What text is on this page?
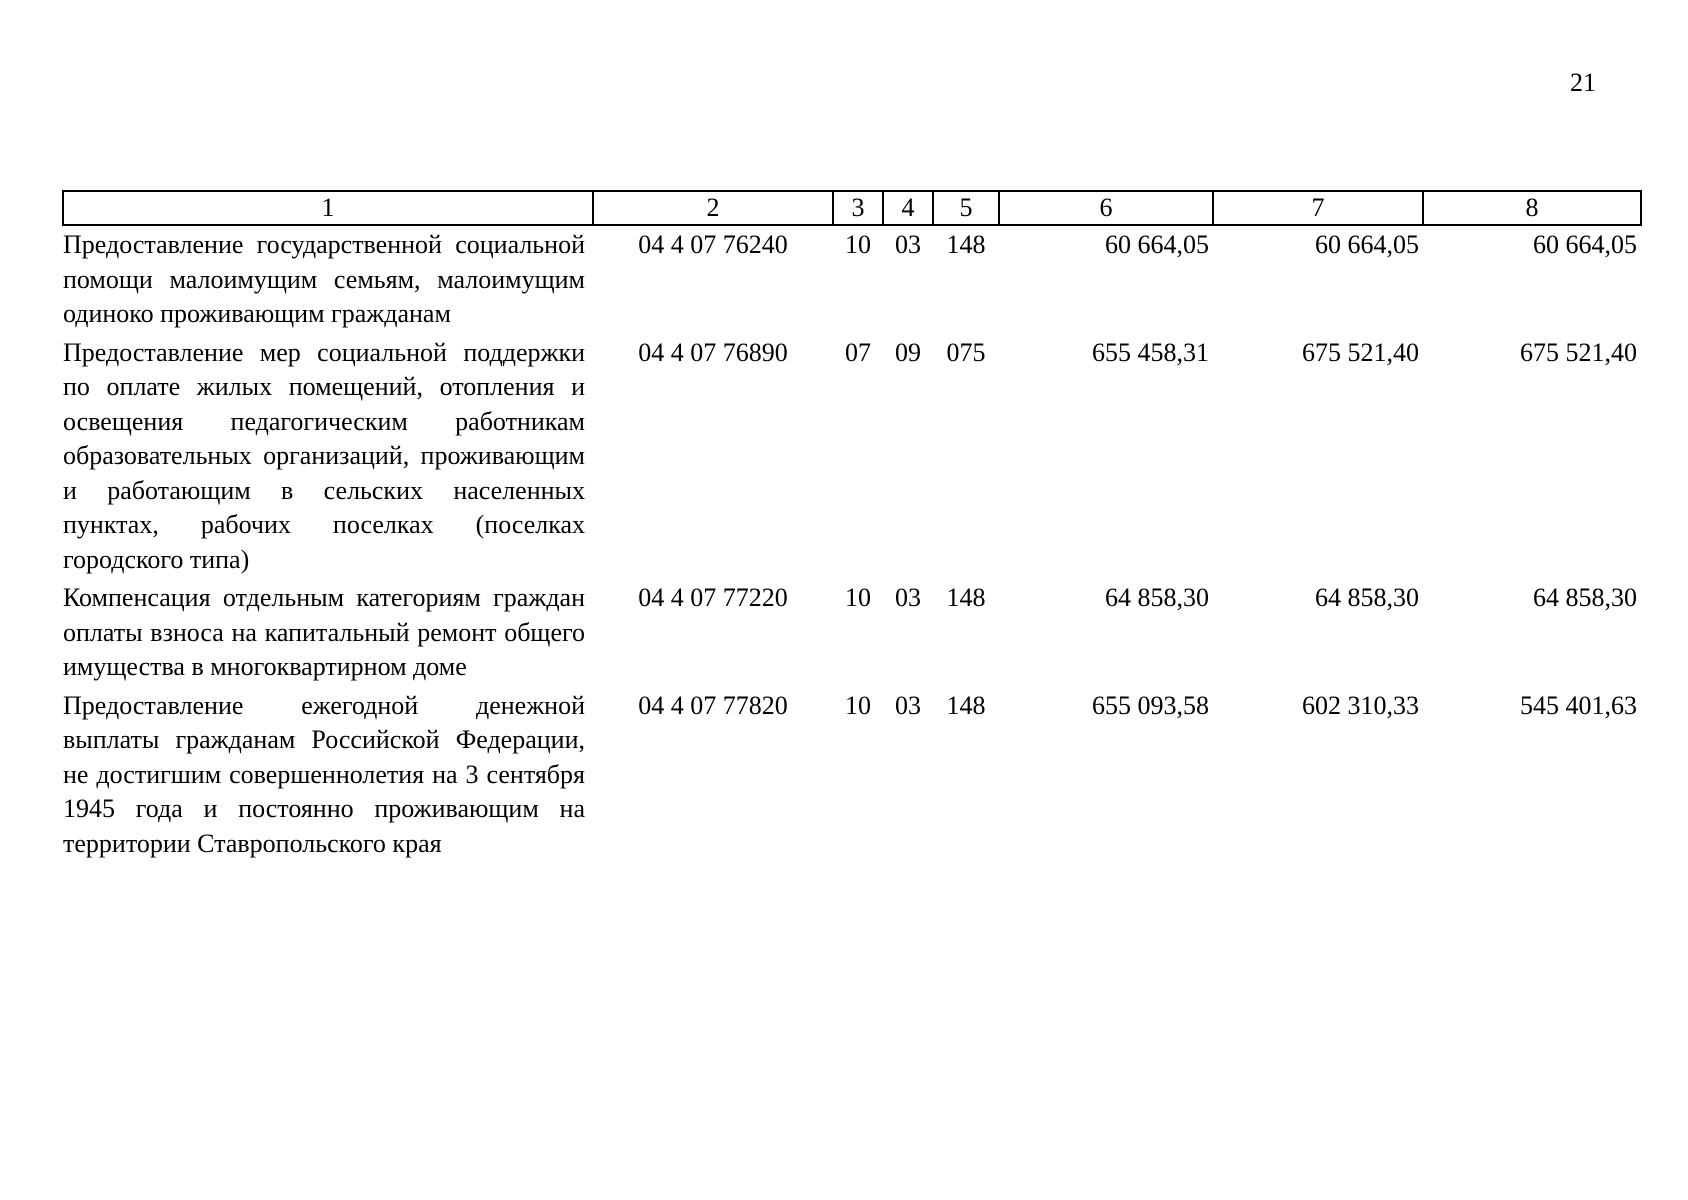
21
1	2	3	4	5	6	7	8
Предоставление государственной социальной помощи малоимущим семьям, малоимущим одиноко проживающим гражданам	04 4 07 76240	10	03	148	60 664,05	60 664,05	60 664,05
Предоставление мер социальной поддержки по оплате жилых помещений, отопления и освещения педагогическим работникам образовательных организаций, проживающим и работающим в сельских населенных пунктах, рабочих поселках (поселках городского типа)	04 4 07 76890	07	09	075	655 458,31	675 521,40	675 521,40
Компенсация отдельным категориям граждан оплаты взноса на капитальный ремонт общего имущества в многоквартирном доме	04 4 07 77220	10	03	148	64 858,30	64 858,30	64 858,30
Предоставление ежегодной денежной выплаты гражданам Российской Федерации, не достигшим совершеннолетия на 3 сентября 1945 года и постоянно проживающим на территории Ставропольского края	04 4 07 77820	10	03	148	655 093,58	602 310,33	545 401,63
